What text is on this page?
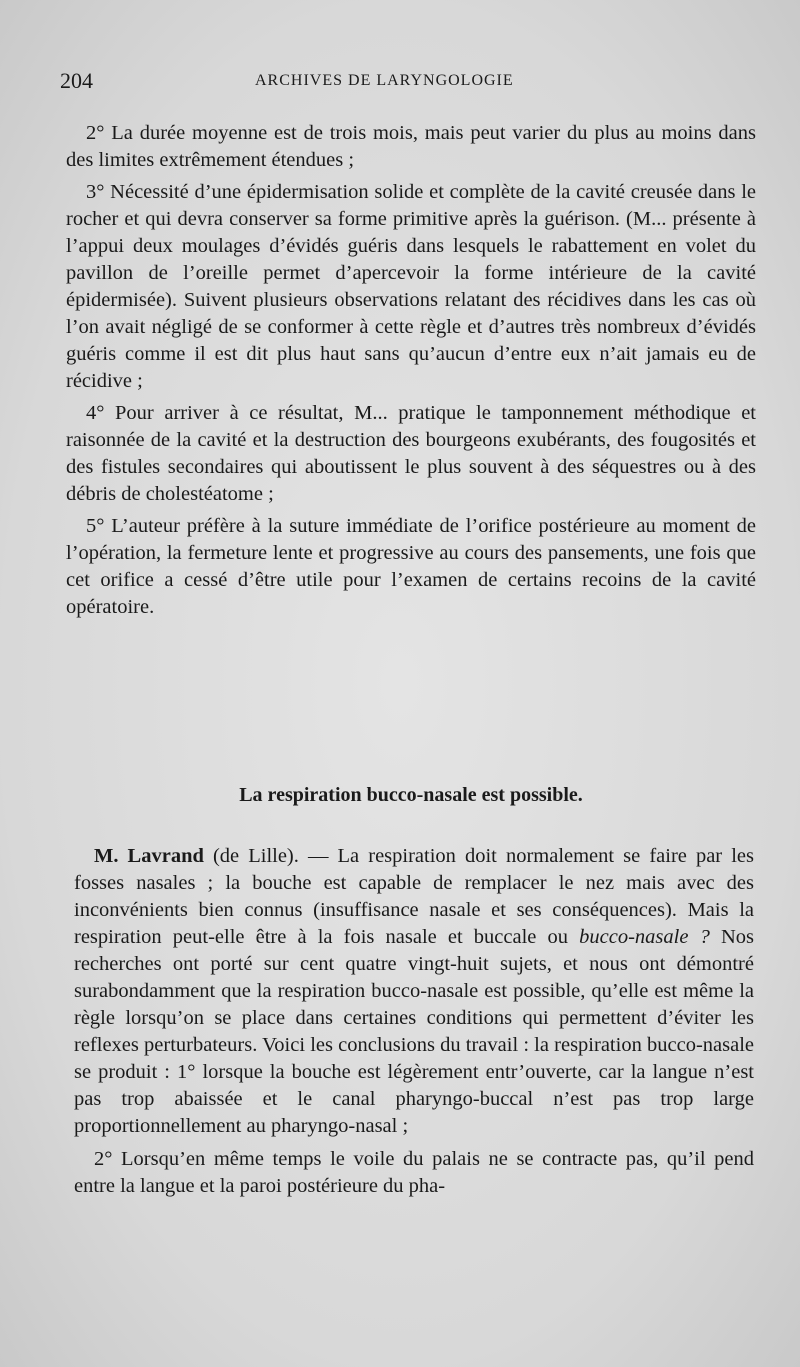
204	ARCHIVES DE LARYNGOLOGIE

2° La durée moyenne est de trois mois, mais peut varier du plus au moins dans des limites extrêmement étendues ;

3° Nécessité d’une épidermisation solide et complète de la cavité creusée dans le rocher et qui devra conserver sa forme primitive après la guérison. (M... présente à l’appui deux moulages d’évidés guéris dans lesquels le rabattement en volet du pavillon de l’oreille permet d’apercevoir la forme intérieure de la cavité épidermisée). Suivent plusieurs observations relatant des récidives dans les cas où l’on avait négligé de se conformer à cette règle et d’autres très nombreux d’évidés guéris comme il est dit plus haut sans qu’aucun d’entre eux n’ait jamais eu de récidive ;

4° Pour arriver à ce résultat, M... pratique le tamponnement méthodique et raisonnée de la cavité et la destruction des bourgeons exubérants, des fougosités et des fistules secondaires qui aboutissent le plus souvent à des séquestres ou à des débris de cholestéatome ;

5° L’auteur préfère à la suture immédiate de l’orifice postérieure au moment de l’opération, la fermeture lente et progressive au cours des pansements, une fois que cet orifice a cessé d’être utile pour l’examen de certains recoins de la cavité opératoire.

La respiration bucco-nasale est possible.

M. Lavrand (de Lille). — La respiration doit normalement se faire par les fosses nasales ; la bouche est capable de remplacer le nez mais avec des inconvénients bien connus (insuffisance nasale et ses conséquences). Mais la respiration peut-elle être à la fois nasale et buccale ou bucco-nasale ? Nos recherches ont porté sur cent quatre vingt-huit sujets, et nous ont démontré surabondamment que la respiration bucco-nasale est possible, qu’elle est même la règle lorsqu’on se place dans certaines conditions qui permettent d’éviter les reflexes perturbateurs. Voici les conclusions du travail : la respiration bucco-nasale se produit : 1° lorsque la bouche est légèrement entr’ouverte, car la langue n’est pas trop abaissée et le canal pharyngo-buccal n’est pas trop large proportionnellement au pharyngo-nasal ;

2° Lorsqu’en même temps le voile du palais ne se contracte pas, qu’il pend entre la langue et la paroi postérieure du pha-
